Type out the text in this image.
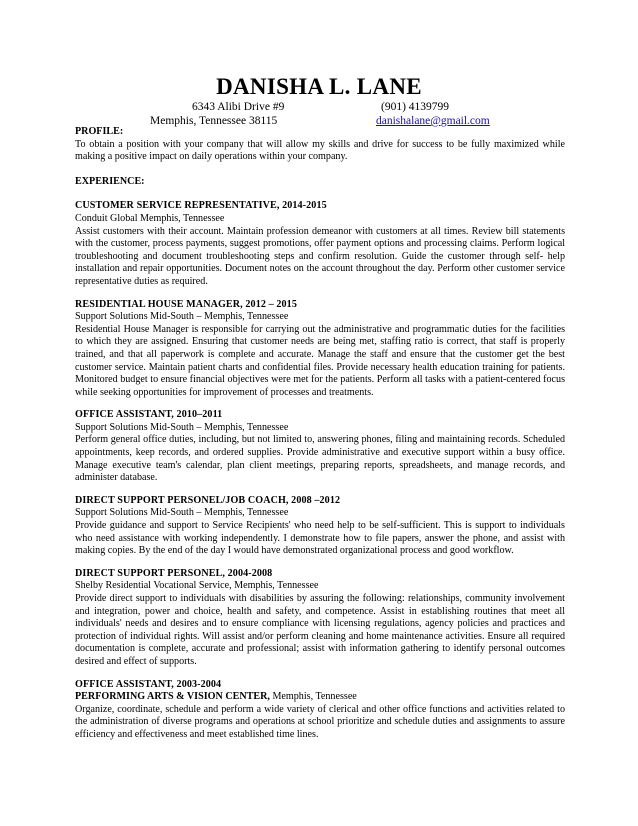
DANISHA L. LANE
6343 Alibi Drive #9	(901) 4139799
Memphis, Tennessee 38115	danishalane@gmail.com

PROFILE:

To obtain a position with your company that will allow my skills and drive for success to be fully maximized while making a positive impact on daily operations within your company.

EXPERIENCE:

CUSTOMER SERVICE REPRESENTATIVE, 2014-2015

Conduit Global Memphis, Tennessee

Assist customers with their account. Maintain profession demeanor with customers at all times. Review bill statements with the customer, process payments, suggest promotions, offer payment options and processing claims. Perform logical troubleshooting and document troubleshooting steps and confirm resolution. Guide the customer through self- help installation and repair opportunities. Document notes on the account throughout the day. Perform other customer service representative duties as required.

RESIDENTIAL HOUSE MANAGER, 2012 – 2015

Support Solutions Mid-South – Memphis, Tennessee

Residential House Manager is responsible for carrying out the administrative and programmatic duties for the facilities to which they are assigned. Ensuring that customer needs are being met, staffing ratio is correct, that staff is properly trained, and that all paperwork is complete and accurate. Manage the staff and ensure that the customer get the best customer service. Maintain patient charts and confidential files. Provide necessary health education training for patients. Monitored budget to ensure financial objectives were met for the patients. Perform all tasks with a patient-centered focus while seeking opportunities for improvement of processes and treatments.

OFFICE ASSISTANT, 2010–2011

Support Solutions Mid-South – Memphis, Tennessee

Perform general office duties, including, but not limited to, answering phones, filing and maintaining records. Scheduled appointments, keep records, and ordered supplies. Provide administrative and executive support within a busy office. Manage executive team's calendar, plan client meetings, preparing reports, spreadsheets, and manage records, and administer database.

DIRECT SUPPORT PERSONEL/JOB COACH, 2008 –2012

Support Solutions Mid-South – Memphis, Tennessee

Provide guidance and support to Service Recipients' who need help to be self-sufficient. This is support to individuals who need assistance with working independently. I demonstrate how to file papers, answer the phone, and assist with making copies. By the end of the day I would have demonstrated organizational process and good workflow.

DIRECT SUPPORT PERSONEL, 2004-2008

Shelby Residential Vocational Service, Memphis, Tennessee

Provide direct support to individuals with disabilities by assuring the following: relationships, community involvement and integration, power and choice, health and safety, and competence. Assist in establishing routines that meet all individuals' needs and desires and to ensure compliance with licensing regulations, agency policies and practices and protection of individual rights. Will assist and/or perform cleaning and home maintenance activities. Ensure all required documentation is complete, accurate and professional; assist with information gathering to identify personal outcomes desired and effect of supports.

OFFICE ASSISTANT, 2003-2004

PERFORMING ARTS & VISION CENTER, Memphis, Tennessee

Organize, coordinate, schedule and perform a wide variety of clerical and other office functions and activities related to the administration of diverse programs and operations at school prioritize and schedule duties and assignments to assure efficiency and effectiveness and meet established time lines.
